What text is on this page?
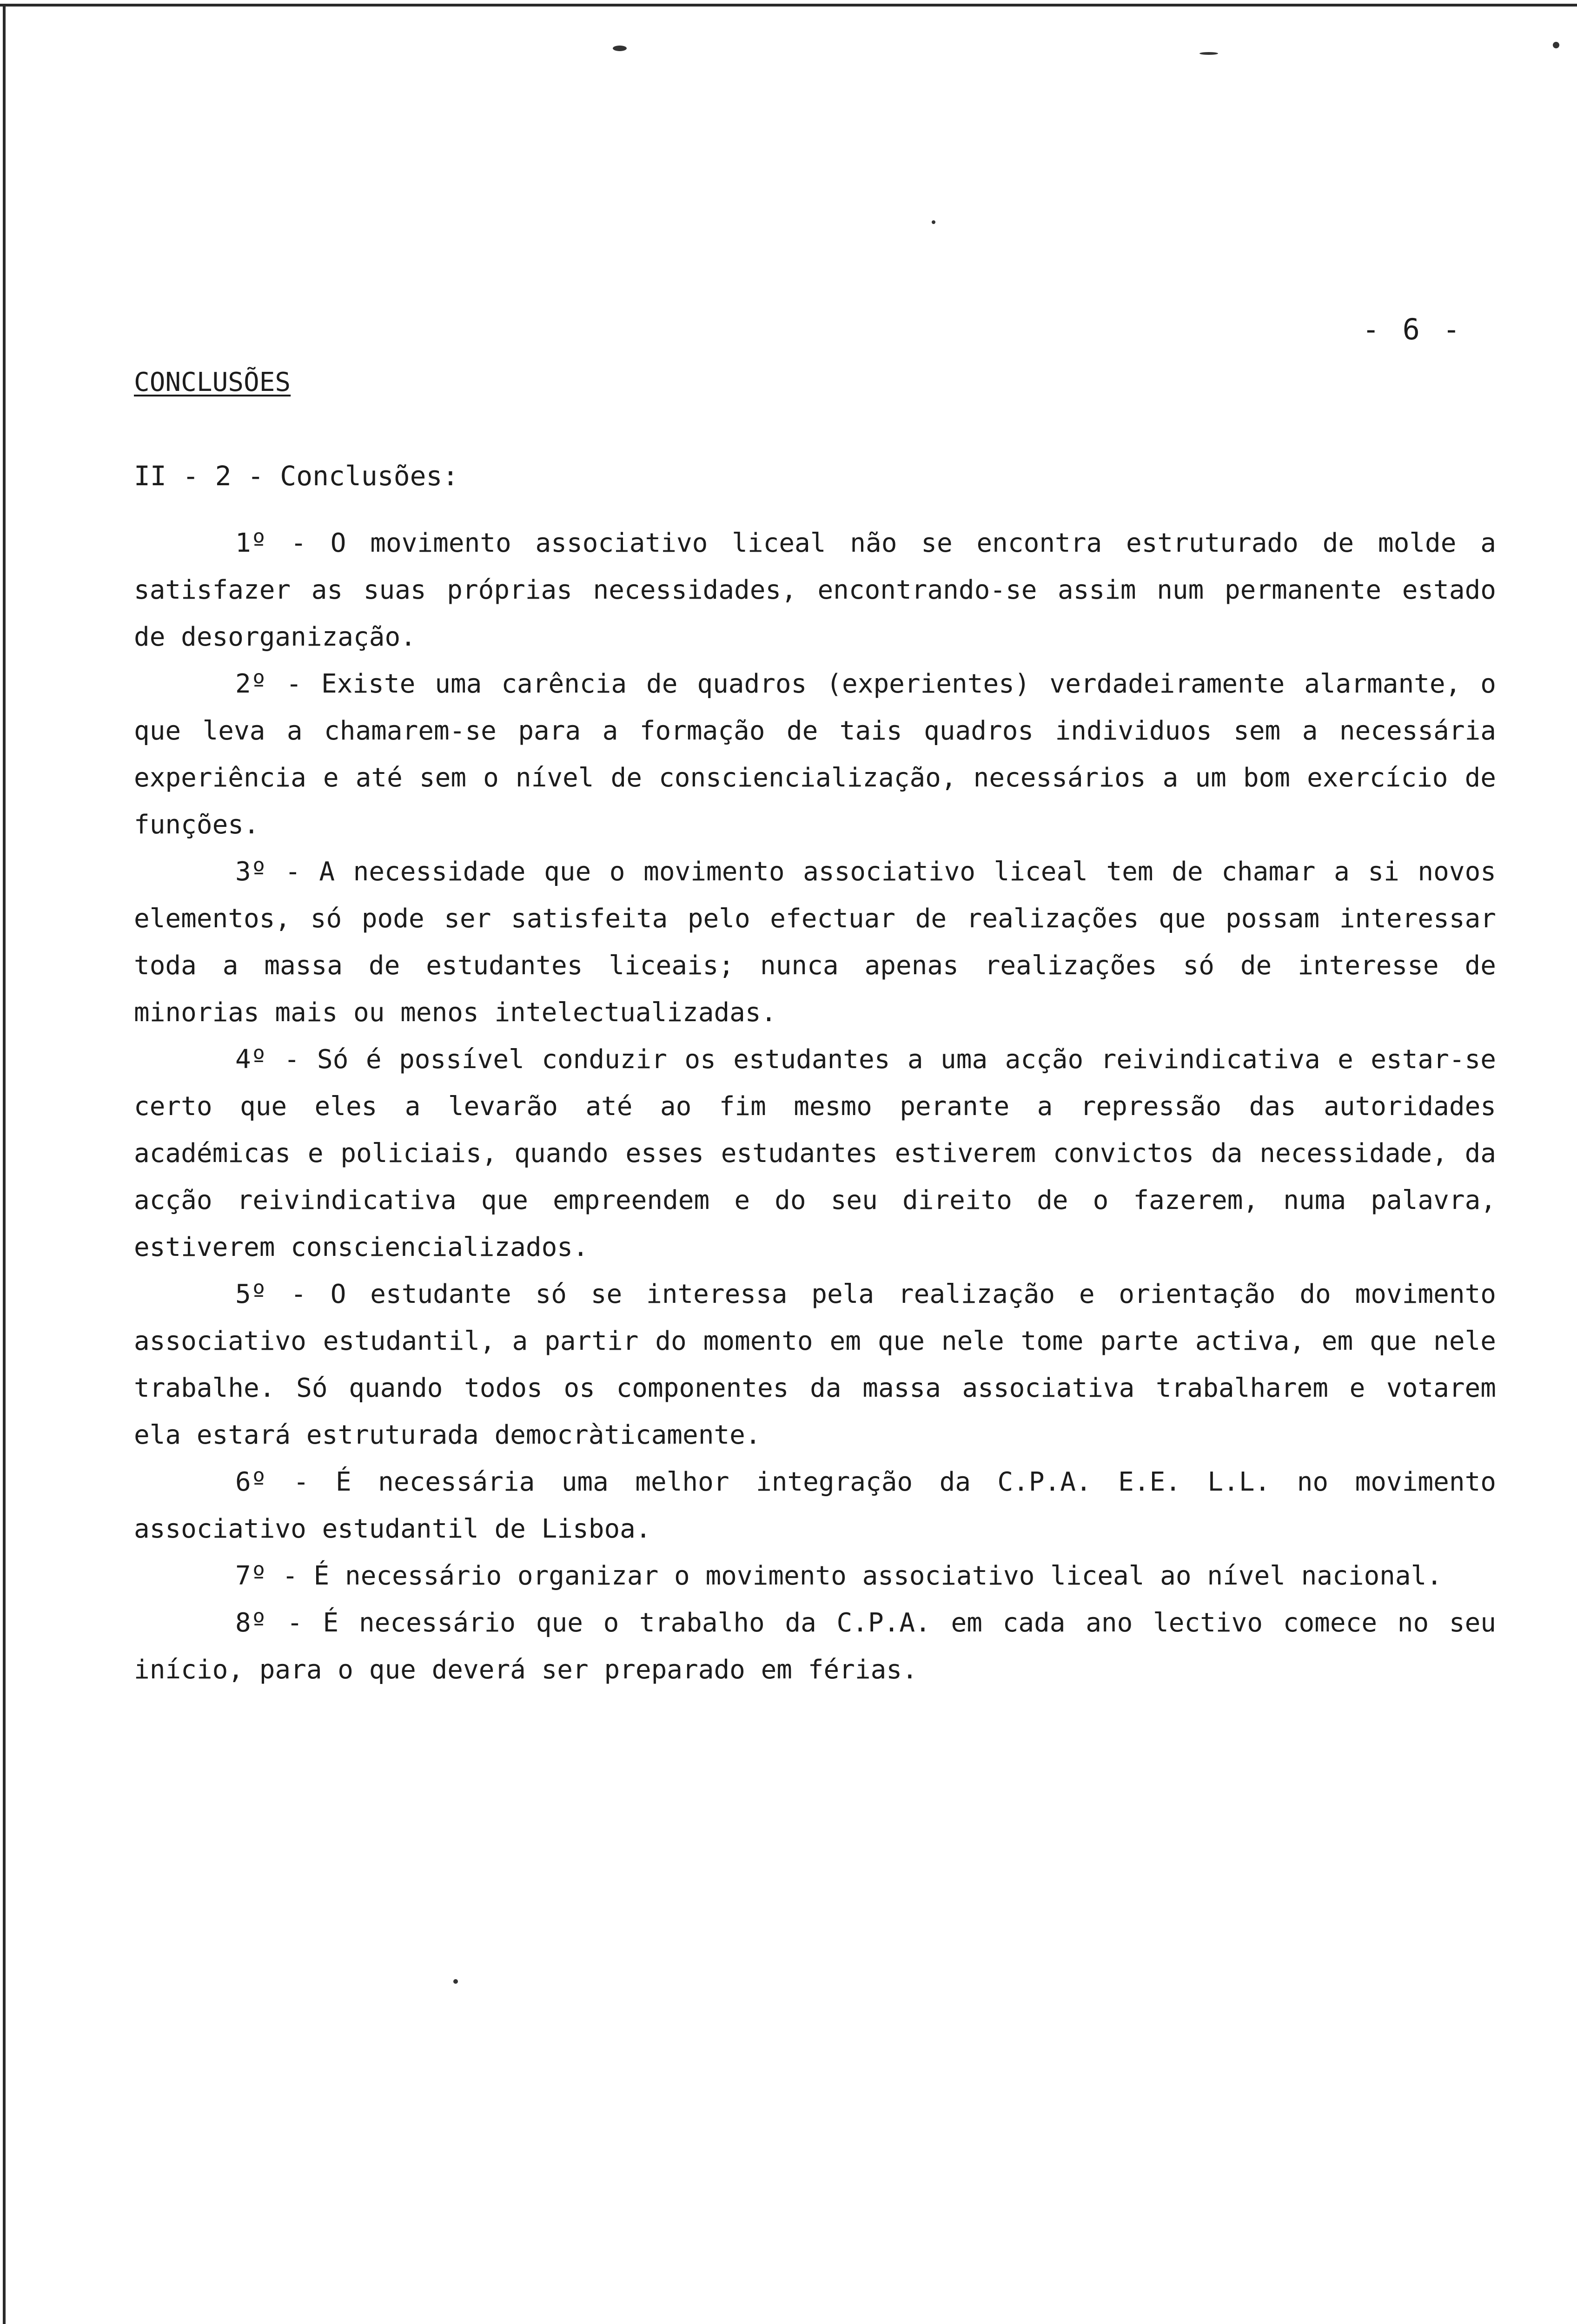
- 6 -
CONCLUSÕES
II - 2 - Conclusões:

1º - O movimento associativo liceal não se encontra estruturado de molde a satisfazer as suas próprias necessidades, encontrando-se assim num permanente estado de desorganização.

2º - Existe uma carência de quadros (experientes) verdadeiramente alarmante, o que leva a chamarem-se para a formação de tais quadros individuos sem a necessária experiência e até sem o nível de consciencialização, necessários a um bom exercício de funções.

3º - A necessidade que o movimento associativo liceal tem de chamar a si novos elementos, só pode ser satisfeita pelo efectuar de realizações que possam interessar toda a massa de estudantes liceais; nunca apenas realizações só de interesse de minorias mais ou menos intelectualizadas.

4º - Só é possível conduzir os estudantes a uma acção reivindicativa e estar-se certo que eles a levarão até ao fim mesmo perante a repressão das autoridades académicas e policiais, quando esses estudantes estiverem convictos da necessidade, da acção reivindicativa que empreendem e do seu direito de o fazerem, numa palavra, estiverem consciencializados.

5º - O estudante só se interessa pela realização e orientação do movimento associativo estudantil, a partir do momento em que nele tome parte activa, em que nele trabalhe. Só quando todos os componentes da massa associativa trabalharem e votarem ela estará estruturada democràticamente.

6º - É necessária uma melhor integração da C.P.A. E.E. L.L. no movimento associativo estudantil de Lisboa.

7º - É necessário organizar o movimento associativo liceal ao nível nacional.

8º - É necessário que o trabalho da C.P.A. em cada ano lectivo comece no seu início, para o que deverá ser preparado em férias.
